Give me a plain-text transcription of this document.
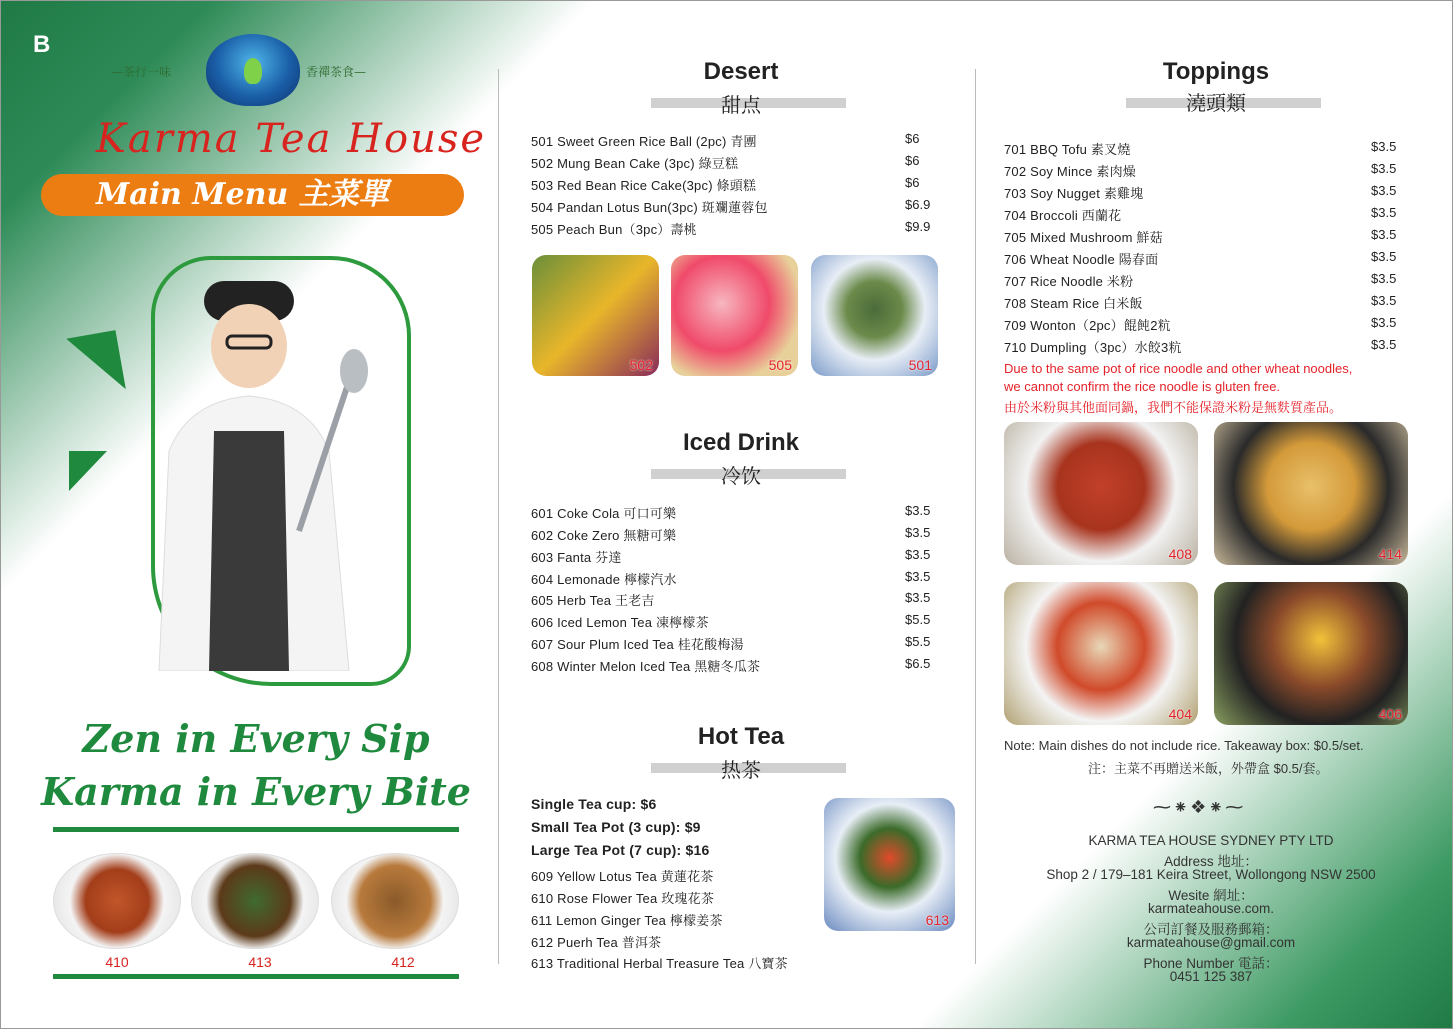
B
—茶行一味	香禪茶食—
Karma Tea House
Main Menu 主菜單
Zen in Every Sip
Karma in Every Bite
410	413	412
Desert
甜点
501 Sweet Green Rice Ball (2pc) 青團	$6
502 Mung Bean Cake (3pc) 綠豆糕	$6
503 Red Bean Rice Cake(3pc) 條頭糕	$6
504 Pandan Lotus Bun(3pc) 斑斕蓮蓉包	$6.9
505 Peach Bun（3pc）壽桃	$9.9
502	505	501
Iced Drink
冷饮
601 Coke Cola 可口可樂	$3.5
602 Coke Zero 無糖可樂	$3.5
603 Fanta 芬達	$3.5
604 Lemonade 檸檬汽水	$3.5
605 Herb Tea 王老吉	$3.5
606 Iced Lemon Tea 凍檸檬茶	$5.5
607 Sour Plum Iced Tea 桂花酸梅湯	$5.5
608 Winter Melon Iced Tea 黑糖冬瓜茶	$6.5
Hot Tea
热茶
Single Tea cup: $6
Small Tea Pot (3 cup): $9
Large Tea Pot (7 cup): $16
609 Yellow Lotus Tea 黄蓮花茶
610 Rose Flower Tea 玫瑰花茶
611 Lemon Ginger Tea 檸檬姜茶
612 Puerh Tea 普洱茶
613 Traditional Herbal Treasure Tea 八寶茶
613
Toppings
澆頭類
701 BBQ Tofu 素叉燒	$3.5
702 Soy Mince 素肉燥	$3.5
703 Soy Nugget 素雞塊	$3.5
704 Broccoli 西蘭花	$3.5
705 Mixed Mushroom 鮮菇	$3.5
706 Wheat Noodle 陽春面	$3.5
707 Rice Noodle 米粉	$3.5
708 Steam Rice 白米飯	$3.5
709 Wonton（2pc）餛飩2粇	$3.5
710 Dumpling（3pc）水餃3粇	$3.5
Due to the same pot of rice noodle and other wheat noodles,
we cannot confirm the rice noodle is gluten free.
由於米粉與其他面同鍋，我們不能保證米粉是無麩質產品。
408	414
404	406
Note: Main dishes do not include rice. Takeaway box: $0.5/set.
注：主菜不再贈送米飯，外帶盒 $0.5/套。
⁓⁕❖⁕⁓
KARMA TEA HOUSE SYDNEY PTY LTD
Address 地址：
Shop 2 / 179–181 Keira Street, Wollongong NSW 2500
Wesite 網址：
karmateahouse.com.
公司訂餐及服務郵箱：
karmateahouse@gmail.com
Phone Number 電話：
0451 125 387
